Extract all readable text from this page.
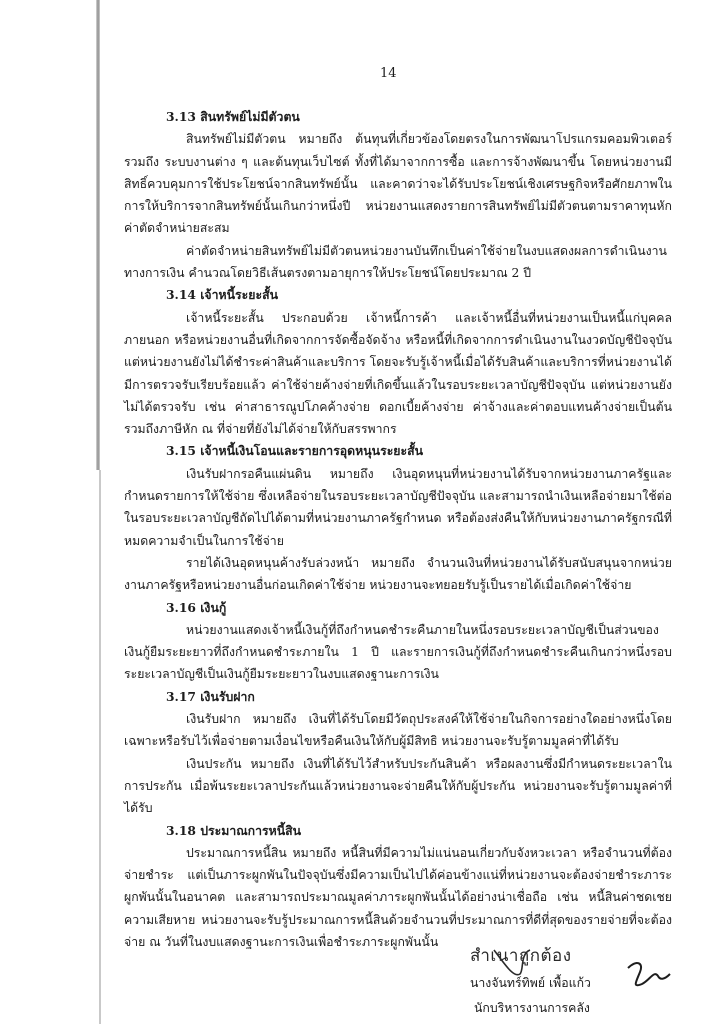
14

3.13 สินทรัพย์ไม่มีตัวตน

สินทรัพย์ไม่มีตัวตน หมายถึง ต้นทุนที่เกี่ยวข้องโดยตรงในการพัฒนาโปรแกรมคอมพิวเตอร์ รวมถึง ระบบงานต่าง ๆ และต้นทุนเว็บไซต์ ทั้งที่ได้มาจากการซื้อ และการจ้างพัฒนาขึ้น โดยหน่วยงานมีสิทธิ์ควบคุมการใช้ประโยชน์จากสินทรัพย์นั้น และคาดว่าจะได้รับประโยชน์เชิงเศรษฐกิจหรือศักยภาพในการให้บริการจากสินทรัพย์นั้นเกินกว่าหนึ่งปี หน่วยงานแสดงรายการสินทรัพย์ไม่มีตัวตนตามราคาทุนหักค่าตัดจำหน่ายสะสม

ค่าตัดจำหน่ายสินทรัพย์ไม่มีตัวตนหน่วยงานบันทึกเป็นค่าใช้จ่ายในงบแสดงผลการดำเนินงานทางการเงิน คำนวณโดยวิธีเส้นตรงตามอายุการให้ประโยชน์โดยประมาณ 2 ปี

3.14 เจ้าหนี้ระยะสั้น

เจ้าหนี้ระยะสั้น ประกอบด้วย เจ้าหนี้การค้า และเจ้าหนี้อื่นที่หน่วยงานเป็นหนี้แก่บุคคลภายนอก หรือหน่วยงานอื่นที่เกิดจากการจัดซื้อจัดจ้าง หรือหนี้ที่เกิดจากการดำเนินงานในงวดบัญชีปัจจุบัน แต่หน่วยงานยังไม่ได้ชำระค่าสินค้าและบริการ โดยจะรับรู้เจ้าหนี้เมื่อได้รับสินค้าและบริการที่หน่วยงานได้มีการตรวจรับเรียบร้อยแล้ว ค่าใช้จ่ายค้างจ่ายที่เกิดขึ้นแล้วในรอบระยะเวลาบัญชีปัจจุบัน แต่หน่วยงานยังไม่ได้ตรวจรับ เช่น ค่าสาธารณูปโภคค้างจ่าย ดอกเบี้ยค้างจ่าย ค่าจ้างและค่าตอบแทนค้างจ่ายเป็นต้น รวมถึงภาษีหัก ณ ที่จ่ายที่ยังไม่ได้จ่ายให้กับสรรพากร

3.15 เจ้าหนี้เงินโอนและรายการอุดหนุนระยะสั้น

เงินรับฝากรอคืนแผ่นดิน หมายถึง เงินอุดหนุนที่หน่วยงานได้รับจากหน่วยงานภาครัฐและกำหนดรายการให้ใช้จ่าย ซึ่งเหลือจ่ายในรอบระยะเวลาบัญชีปัจจุบัน และสามารถนำเงินเหลือจ่ายมาใช้ต่อในรอบระยะเวลาบัญชีถัดไปได้ตามที่หน่วยงานภาครัฐกำหนด หรือต้องส่งคืนให้กับหน่วยงานภาครัฐกรณีที่หมดความจำเป็นในการใช้จ่าย

รายได้เงินอุดหนุนค้างรับล่วงหน้า หมายถึง จำนวนเงินที่หน่วยงานได้รับสนับสนุนจากหน่วยงานภาครัฐหรือหน่วยงานอื่นก่อนเกิดค่าใช้จ่าย หน่วยงานจะทยอยรับรู้เป็นรายได้เมื่อเกิดค่าใช้จ่าย

3.16 เงินกู้

หน่วยงานแสดงเจ้าหนี้เงินกู้ที่ถึงกำหนดชำระคืนภายในหนึ่งรอบระยะเวลาบัญชีเป็นส่วนของเงินกู้ยืมระยะยาวที่ถึงกำหนดชำระภายใน 1 ปี และรายการเงินกู้ที่ถึงกำหนดชำระคืนเกินกว่าหนึ่งรอบระยะเวลาบัญชีเป็นเงินกู้ยืมระยะยาวในงบแสดงฐานะการเงิน

3.17 เงินรับฝาก

เงินรับฝาก หมายถึง เงินที่ได้รับโดยมีวัตถุประสงค์ให้ใช้จ่ายในกิจการอย่างใดอย่างหนึ่งโดยเฉพาะหรือรับไว้เพื่อจ่ายตามเงื่อนไขหรือคืนเงินให้กับผู้มีสิทธิ หน่วยงานจะรับรู้ตามมูลค่าที่ได้รับ

เงินประกัน หมายถึง เงินที่ได้รับไว้สำหรับประกันสินค้า หรือผลงานซึ่งมีกำหนดระยะเวลาในการประกัน เมื่อพ้นระยะเวลาประกันแล้วหน่วยงานจะจ่ายคืนให้กับผู้ประกัน หน่วยงานจะรับรู้ตามมูลค่าที่ได้รับ

3.18 ประมาณการหนี้สิน

ประมาณการหนี้สิน หมายถึง หนี้สินที่มีความไม่แน่นอนเกี่ยวกับจังหวะเวลา หรือจำนวนที่ต้องจ่ายชำระ แต่เป็นภาระผูกพันในปัจจุบันซึ่งมีความเป็นไปได้ค่อนข้างแน่ที่หน่วยงานจะต้องจ่ายชำระภาระผูกพันนั้นในอนาคต และสามารถประมาณมูลค่าภาระผูกพันนั้นได้อย่างน่าเชื่อถือ เช่น หนี้สินค่าชดเชยความเสียหาย หน่วยงานจะรับรู้ประมาณการหนี้สินด้วยจำนวนที่ประมาณการที่ดีที่สุดของรายจ่ายที่จะต้องจ่าย ณ วันที่ในงบแสดงฐานะการเงินเพื่อชำระภาระผูกพันนั้น

สำเนาถูกต้อง
นางจันทร์ทิพย์ เพื้อแก้ว
นักบริหารงานการคลัง
